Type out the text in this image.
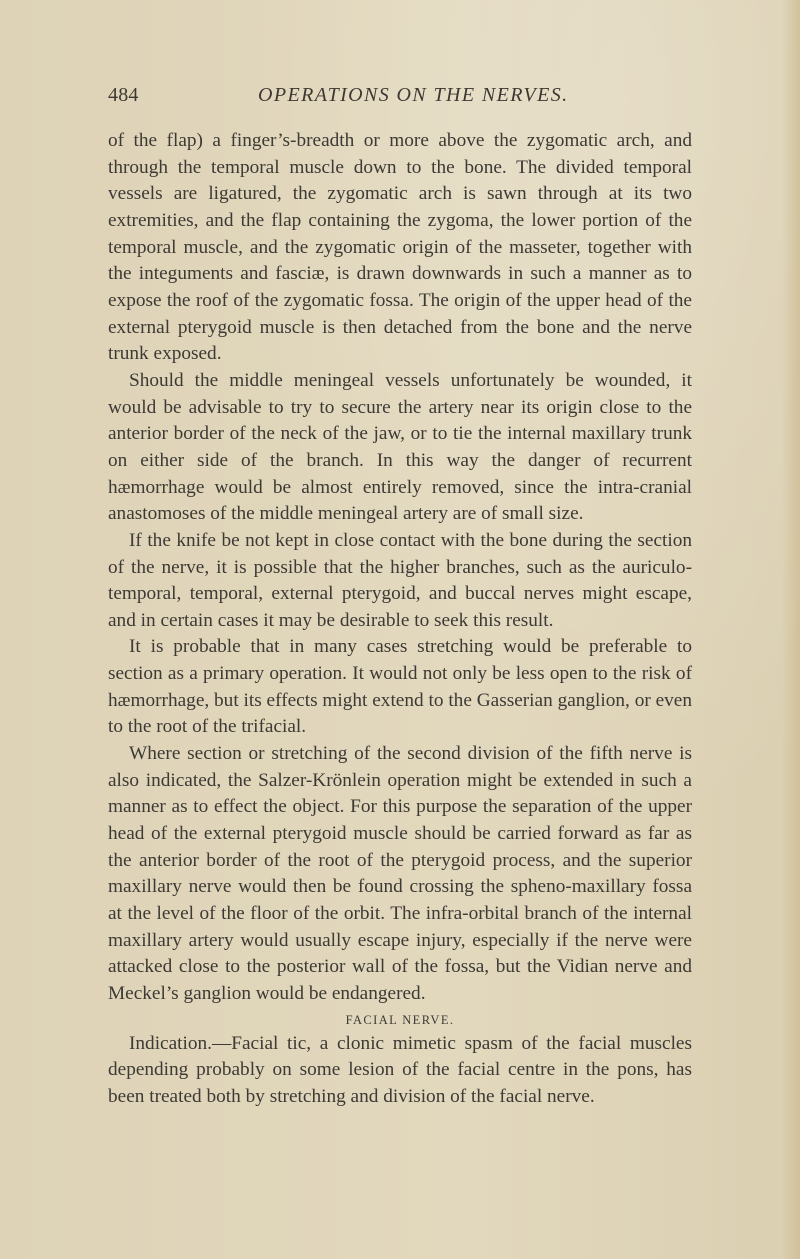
484	OPERATIONS ON THE NERVES.

of the flap) a finger’s-breadth or more above the zygomatic arch, and through the temporal muscle down to the bone. The divided temporal vessels are ligatured, the zygomatic arch is sawn through at its two extremities, and the flap containing the zygoma, the lower portion of the temporal muscle, and the zygomatic origin of the masseter, together with the integuments and fasciæ, is drawn downwards in such a manner as to expose the roof of the zygomatic fossa. The origin of the upper head of the external pterygoid muscle is then detached from the bone and the nerve trunk exposed.

Should the middle meningeal vessels unfortunately be wounded, it would be advisable to try to secure the artery near its origin close to the anterior border of the neck of the jaw, or to tie the internal maxillary trunk on either side of the branch. In this way the danger of recurrent hæmorrhage would be almost entirely removed, since the intra-cranial anastomoses of the middle meningeal artery are of small size.

If the knife be not kept in close contact with the bone during the section of the nerve, it is possible that the higher branches, such as the auriculo-temporal, temporal, external pterygoid, and buccal nerves might escape, and in certain cases it may be desirable to seek this result.

It is probable that in many cases stretching would be preferable to section as a primary operation. It would not only be less open to the risk of hæmorrhage, but its effects might extend to the Gasserian ganglion, or even to the root of the trifacial.

Where section or stretching of the second division of the fifth nerve is also indicated, the Salzer-Krönlein operation might be extended in such a manner as to effect the object. For this purpose the separation of the upper head of the external pterygoid muscle should be carried forward as far as the anterior border of the root of the pterygoid process, and the superior maxillary nerve would then be found crossing the spheno-maxillary fossa at the level of the floor of the orbit. The infra-orbital branch of the internal maxillary artery would usually escape injury, especially if the nerve were attacked close to the posterior wall of the fossa, but the Vidian nerve and Meckel’s ganglion would be endangered.

FACIAL NERVE.

Indication.—Facial tic, a clonic mimetic spasm of the facial muscles depending probably on some lesion of the facial centre in the pons, has been treated both by stretching and division of the facial nerve.
